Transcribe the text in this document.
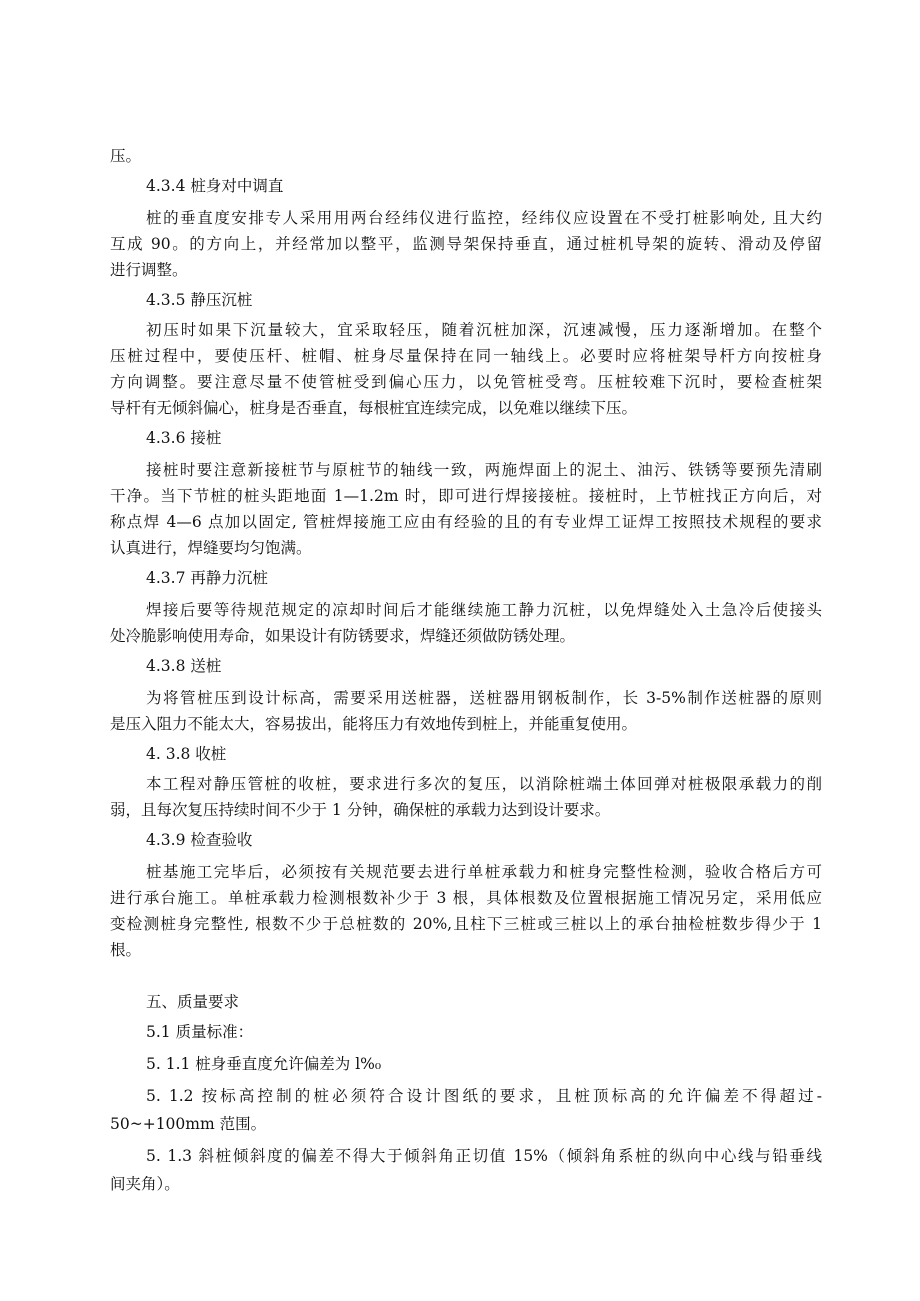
压。
4.3.4 桩身对中调直
桩的垂直度安排专人采用用两台经纬仪进行监控，经纬仪应设置在不受打桩影响处, 且大约
互成 90。的方向上，并经常加以整平，监测导架保持垂直，通过桩机导架的旋转、滑动及停留
进行调整。
4.3.5 静压沉桩
初压时如果下沉量较大，宜采取轻压，随着沉桩加深，沉速减慢，压力逐渐增加。在整个
压桩过程中，要使压杆、桩帽、桩身尽量保持在同一轴线上。必要时应将桩架导杆方向按桩身
方向调整。要注意尽量不使管桩受到偏心压力，以免管桩受弯。压桩较难下沉时，要检查桩架
导杆有无倾斜偏心，桩身是否垂直，每根桩宜连续完成，以免难以继续下压。
4.3.6 接桩
接桩时要注意新接桩节与原桩节的轴线一致，两施焊面上的泥土、油污、铁锈等要预先清刷
干净。当下节桩的桩头距地面 1—1.2m 时，即可进行焊接接桩。接桩时，上节桩找正方向后，对
称点焊 4—6 点加以固定, 管桩焊接施工应由有经验的且的有专业焊工证焊工按照技术规程的要求
认真进行，焊缝要均匀饱满。
4.3.7 再静力沉桩
焊接后要等待规范规定的凉却时间后才能继续施工静力沉桩，以免焊缝处入土急冷后使接头
处冷脆影响使用寿命，如果设计有防锈要求，焊缝还须做防锈处理。
4.3.8 送桩
为将管桩压到设计标高，需要采用送桩器，送桩器用钢板制作，长 3-5%制作送桩器的原则
是压入阻力不能太大，容易拔出，能将压力有效地传到桩上，并能重复使用。
4. 3.8 收桩
本工程对静压管桩的收桩，要求进行多次的复压，以消除桩端土体回弹对桩极限承载力的削
弱，且每次复压持续时间不少于 1 分钟，确保桩的承载力达到设计要求。
4.3.9 检查验收
桩基施工完毕后，必须按有关规范要去进行单桩承载力和桩身完整性检测，验收合格后方可
进行承台施工。单桩承载力检测根数补少于 3 根，具体根数及位置根据施工情况另定，采用低应
变检测桩身完整性, 根数不少于总桩数的 20%,且柱下三桩或三桩以上的承台抽检桩数步得少于 1
根。
五、质量要求
5.1 质量标准：
5. 1.1 桩身垂直度允许偏差为 l%₀
5. 1.2 按标高控制的桩必须符合设计图纸的要求，且桩顶标高的允许偏差不得超过-
50~+100mm 范围。
5. 1.3 斜桩倾斜度的偏差不得大于倾斜角正切值 15%（倾斜角系桩的纵向中心线与铅垂线
间夹角）。
